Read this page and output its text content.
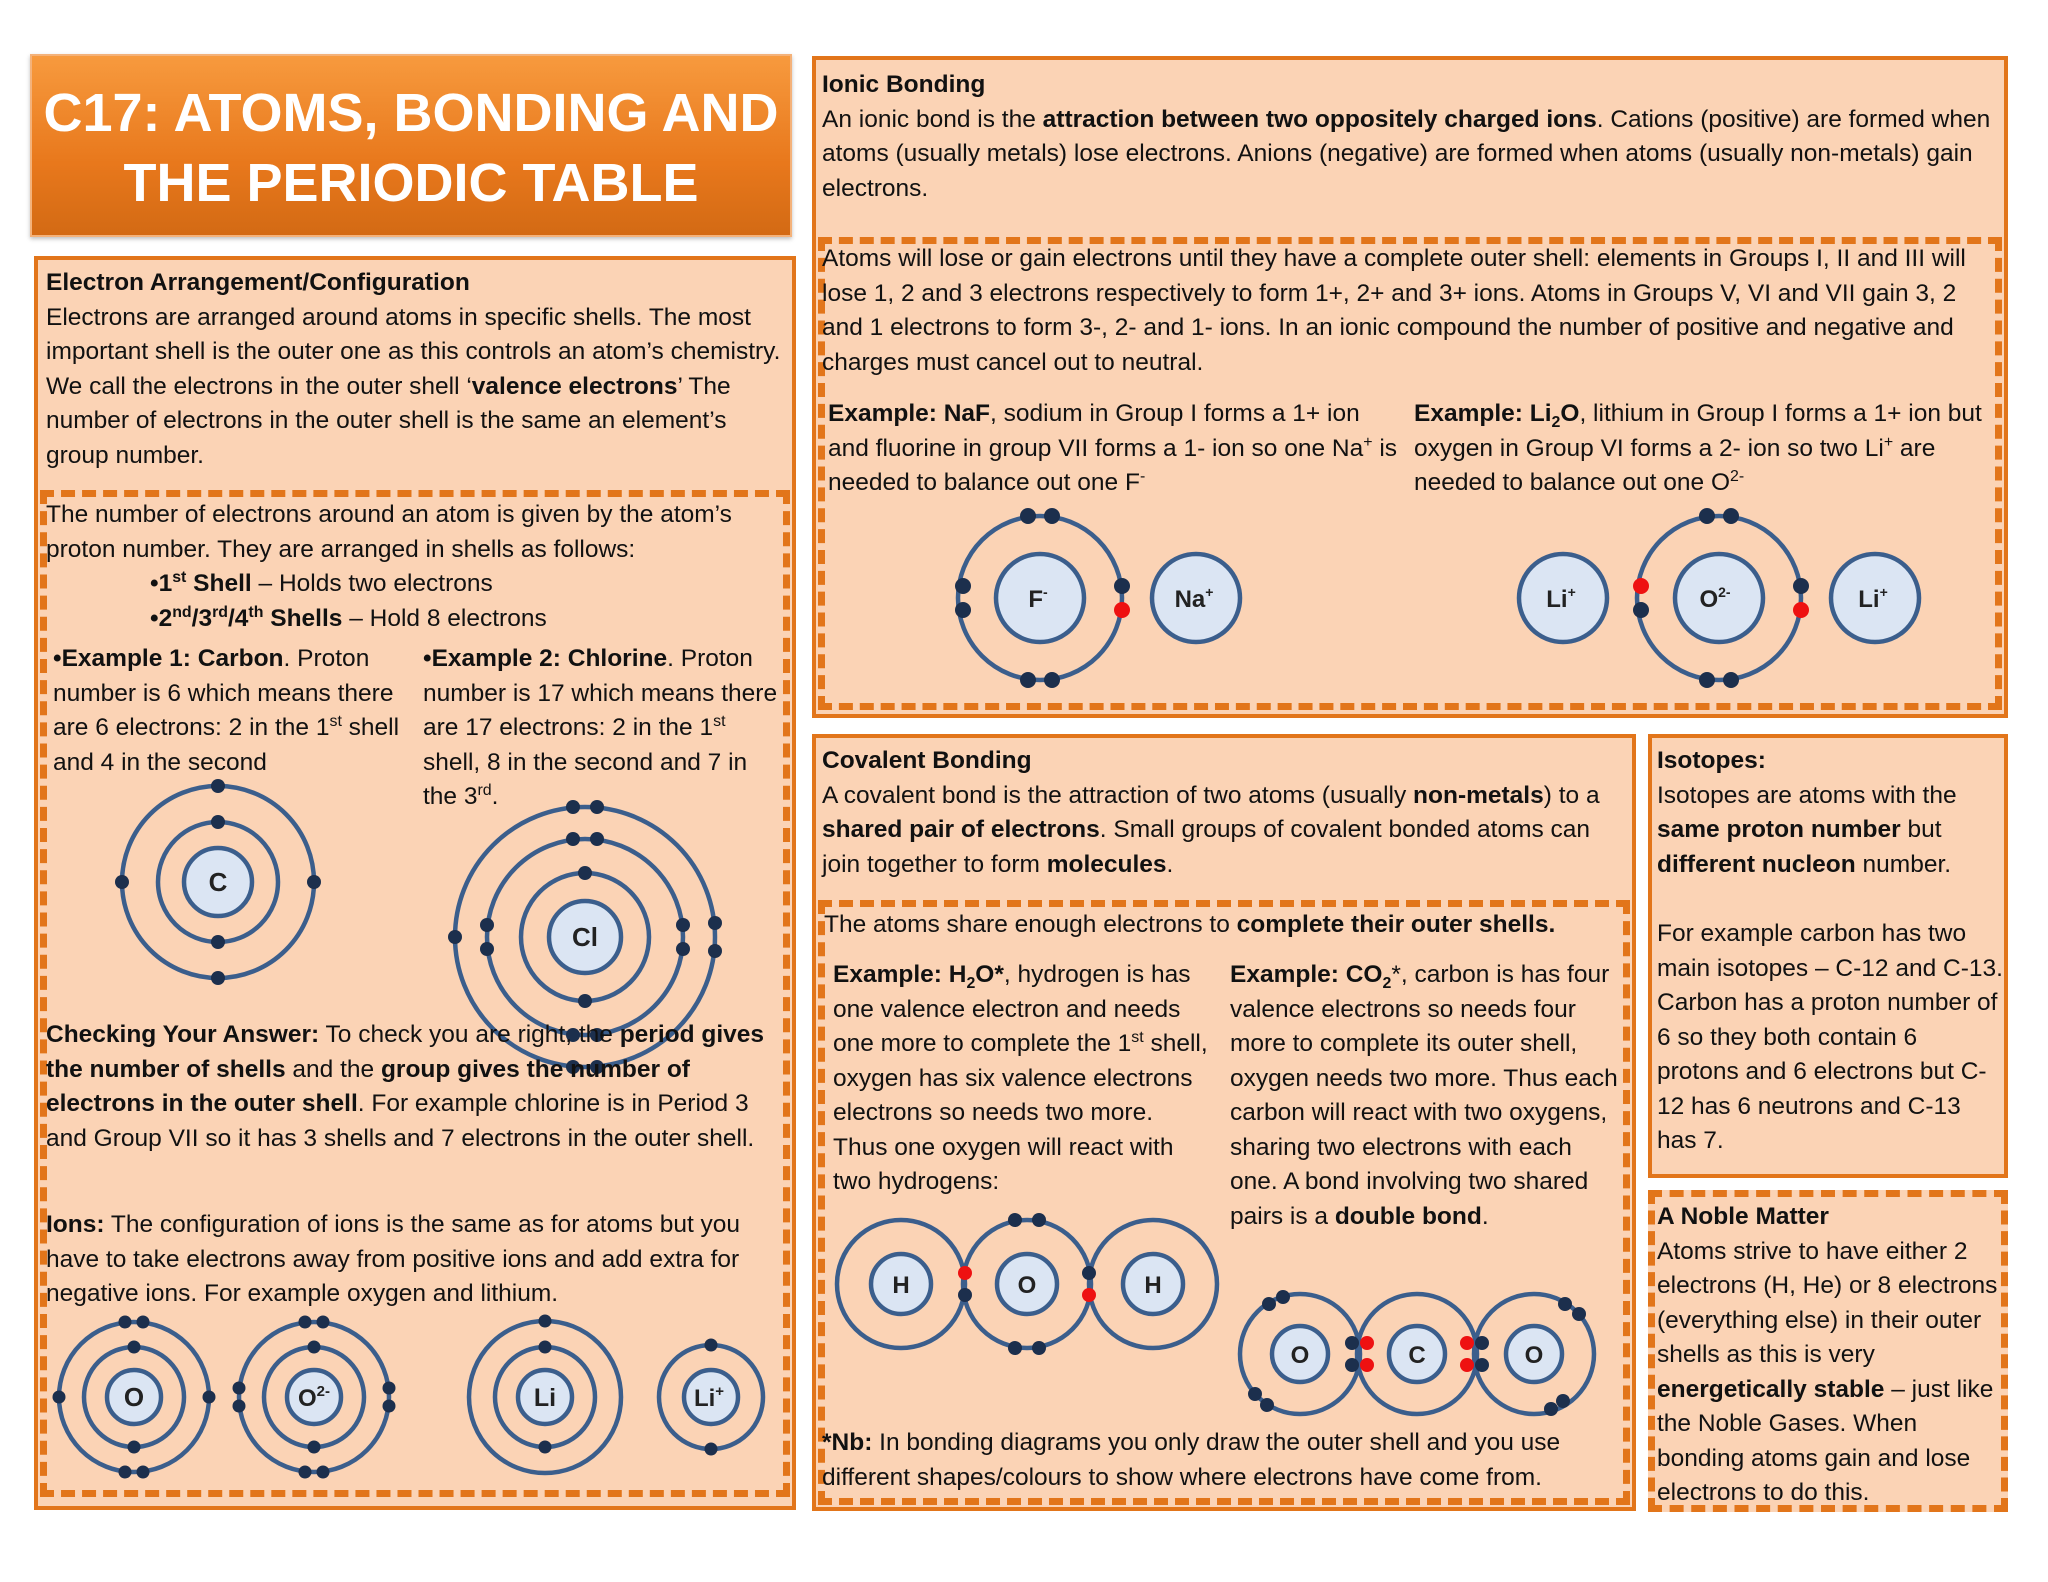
C17: ATOMS, BONDING AND
THE PERIODIC TABLE
Electron Arrangement/Configuration
Electrons are arranged around atoms in specific shells. The most important shell is the outer one as this controls an atom’s chemistry. We call the electrons in the outer shell ‘valence electrons’ The number of electrons in the outer shell is the same an element’s group number.
The number of electrons around an atom is given by the atom’s proton number. They are arranged in shells as follows:
•1st Shell – Holds two electrons
•2nd/3rd/4th Shells – Hold 8 electrons
•Example 1: Carbon. Proton number is 6 which means there are 6 electrons: 2 in the 1st shell and 4 in the second
•Example 2: Chlorine. Proton number is 17 which means there are 17 electrons: 2 in the 1st shell, 8 in the second and 7 in the 3rd.
C
Cl
Checking Your Answer: To check you are right, the period gives the number of shells and the group gives the number of electrons in the outer shell. For example chlorine is in Period 3 and Group VII so it has 3 shells and 7 electrons in the outer shell.
Ions: The configuration of ions is the same as for atoms but you have to take electrons away from positive ions and add extra for negative ions. For example oxygen and lithium.
O	$O^{2-}$	Li	Li+
Ionic Bonding
An ionic bond is the attraction between two oppositely charged ions. Cations (positive) are formed when atoms (usually metals) lose electrons. Anions (negative) are formed when atoms (usually non-metals) gain electrons.
Atoms will lose or gain electrons until they have a complete outer shell: elements in Groups I, II and III will lose 1, 2 and 3 electrons respectively to form 1+, 2+ and 3+ ions. Atoms in Groups V, VI and VII gain 3, 2 and 1 electrons to form 3-, 2- and 1- ions. In an ionic compound the number of positive and negative and charges must cancel out to neutral.
Example: NaF, sodium in Group I forms a 1+ ion and fluorine in group VII forms a 1- ion so one Na+ is needed to balance out one F-
Example: $Li_2O$, lithium in Group I forms a 1+ ion but oxygen in Group VI forms a 2- ion so two Li+ are needed to balance out one $O^{2-}$
F-	Na+	Li+	$O^{2-}$	Li+
Covalent Bonding
A covalent bond is the attraction of two atoms (usually non-metals) to a shared pair of electrons. Small groups of covalent bonded atoms can join together to form molecules.
The atoms share enough electrons to complete their outer shells.
Example: $H_2O*$, hydrogen is has one valence electron and needs one more to complete the 1st shell, oxygen has six valence electrons electrons so needs two more. Thus one oxygen will react with two hydrogens:
Example: $CO_2*$, carbon is has four valence electrons so needs four more to complete its outer shell, oxygen needs two more. Thus each carbon will react with two oxygens, sharing two electrons with each one. A bond involving two shared pairs is a double bond.
H	O	H
O	C	O
*Nb: In bonding diagrams you only draw the outer shell and you use different shapes/colours to show where electrons have come from.
Isotopes:
Isotopes are atoms with the same proton number but different nucleon number.
For example carbon has two main isotopes – C-12 and C-13. Carbon has a proton number of 6 so they both contain 6 protons and 6 electrons but C-12 has 6 neutrons and C-13 has 7.
A Noble Matter
Atoms strive to have either 2 electrons (H, He) or 8 electrons (everything else) in their outer shells as this is very energetically stable – just like the Noble Gases. When bonding atoms gain and lose electrons to do this.
